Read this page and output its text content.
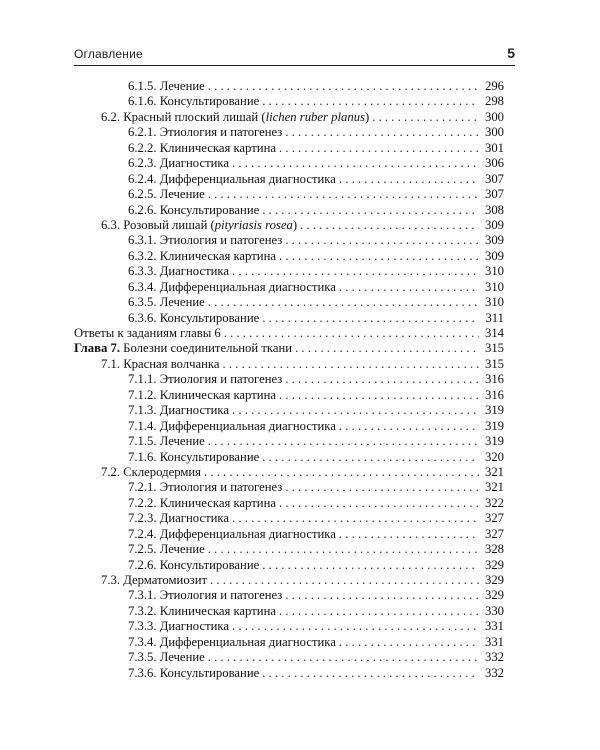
Оглавление	5
6.1.5. Лечение . . .	296
6.1.6. Консультирование . . .	298
6.2. Красный плоский лишай (lichen ruber planus) . . .	300
6.2.1. Этиология и патогенез . . .	300
6.2.2. Клиническая картина . . .	301
6.2.3. Диагностика . . .	306
6.2.4. Дифференциальная диагностика . . .	307
6.2.5. Лечение . . .	307
6.2.6. Консультирование . . .	308
6.3. Розовый лишай (pityriasis rosea) . . .	309
6.3.1. Этиология и патогенез . . .	309
6.3.2. Клиническая картина . . .	309
6.3.3. Диагностика . . .	310
6.3.4. Дифференциальная диагностика . . .	310
6.3.5. Лечение . . .	310
6.3.6. Консультирование . . .	311
Ответы к заданиям главы 6 . . .	314
Глава 7. Болезни соединительной ткани . . .	315
7.1. Красная волчанка . . .	315
7.1.1. Этиология и патогенез . . .	316
7.1.2. Клиническая картина . . .	316
7.1.3. Диагностика . . .	319
7.1.4. Дифференциальная диагностика . . .	319
7.1.5. Лечение . . .	319
7.1.6. Консультирование . . .	320
7.2. Склеродермия . . .	321
7.2.1. Этиология и патогенез . . .	321
7.2.2. Клиническая картина . . .	322
7.2.3. Диагностика . . .	327
7.2.4. Дифференциальная диагностика . . .	327
7.2.5. Лечение . . .	328
7.2.6. Консультирование . . .	329
7.3. Дерматомиозит . . .	329
7.3.1. Этиология и патогенез . . .	329
7.3.2. Клиническая картина . . .	330
7.3.3. Диагностика . . .	331
7.3.4. Дифференциальная диагностика . . .	331
7.3.5. Лечение . . .	332
7.3.6. Консультирование . . .	332
